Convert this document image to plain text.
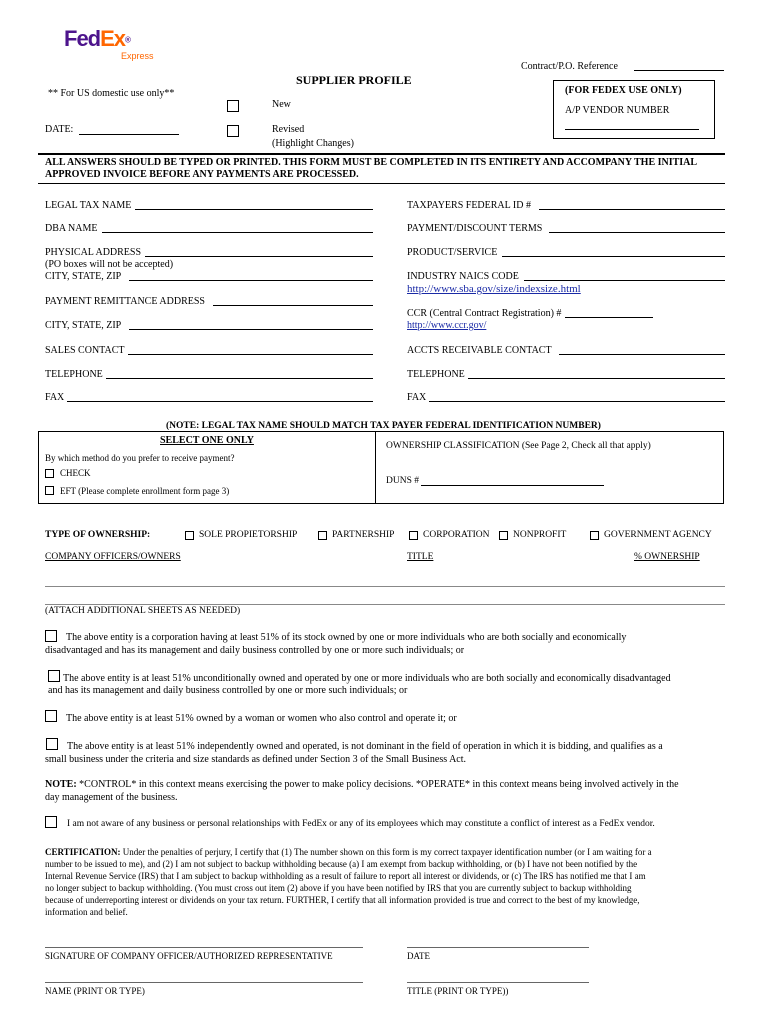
FedEx®
Express
Contract/P.O. Reference
SUPPLIER PROFILE
** For US domestic use only**
New
DATE:	Revised
(Highlight Changes)
(FOR FEDEX USE ONLY)
A/P VENDOR NUMBER
ALL ANSWERS SHOULD BE TYPED OR PRINTED. THIS FORM MUST BE COMPLETED IN ITS ENTIRETY AND ACCOMPANY THE INITIAL APPROVED INVOICE BEFORE ANY PAYMENTS ARE PROCESSED.
LEGAL TAX NAME
DBA NAME
PHYSICAL ADDRESS
(PO boxes will not be accepted)
CITY, STATE, ZIP
PAYMENT REMITTANCE ADDRESS
CITY, STATE, ZIP
SALES CONTACT
TELEPHONE
FAX
TAXPAYERS FEDERAL ID #
PAYMENT/DISCOUNT TERMS
PRODUCT/SERVICE
INDUSTRY NAICS CODE
http://www.sba.gov/size/indexsize.html
CCR (Central Contract Registration) #
http://www.ccr.gov/
ACCTS RECEIVABLE CONTACT
TELEPHONE
FAX
(NOTE: LEGAL TAX NAME SHOULD MATCH TAX PAYER FEDERAL IDENTIFICATION NUMBER)
SELECT ONE ONLY
By which method do you prefer to receive payment?
CHECK
EFT (Please complete enrollment form page 3)
OWNERSHIP CLASSIFICATION (See Page 2, Check all that apply)
DUNS #
TYPE OF OWNERSHIP:	SOLE PROPIETORSHIP	PARTNERSHIP	CORPORATION NONPROFIT	GOVERNMENT AGENCY
COMPANY OFFICERS/OWNERS	TITLE	% OWNERSHIP
(ATTACH ADDITIONAL SHEETS AS NEEDED)
The above entity is a corporation having at least 51% of its stock owned by one or more individuals who are both socially and economically
disadvantaged and has its management and daily business controlled by one or more such individuals; or
The above entity is at least 51% unconditionally owned and operated by one or more individuals who are both socially and economically disadvantaged
and has its management and daily business controlled by one or more such individuals; or
The above entity is at least 51% owned by a woman or women who also control and operate it; or
The above entity is at least 51% independently owned and operated, is not dominant in the field of operation in which it is bidding, and qualifies as a
small business under the criteria and size standards as defined under Section 3 of the Small Business Act.
NOTE: *CONTROL* in this context means exercising the power to make policy decisions. *OPERATE* in this context means being involved actively in the
day management of the business.
I am not aware of any business or personal relationships with FedEx or any of its employees which may constitute a conflict of interest as a FedEx vendor.
CERTIFICATION: Under the penalties of perjury, I certify that (1) The number shown on this form is my correct taxpayer identification number (or I am waiting for a
number to be issued to me), and (2) I am not subject to backup withholding because (a) I am exempt from backup withholding, or (b) I have not been notified by the
Internal Revenue Service (IRS) that I am subject to backup withholding as a result of failure to report all interest or dividends, or (c) The IRS has notified me that I am
no longer subject to backup withholding. (You must cross out item (2) above if you have been notified by IRS that you are currently subject to backup withholding
because of underreporting interest or dividends on your tax return. FURTHER, I certify that all information provided is true and correct to the best of my knowledge,
information and belief.
SIGNATURE OF COMPANY OFFICER/AUTHORIZED REPRESENTATIVE	DATE
NAME (PRINT OR TYPE)	TITLE (PRINT OR TYPE))
